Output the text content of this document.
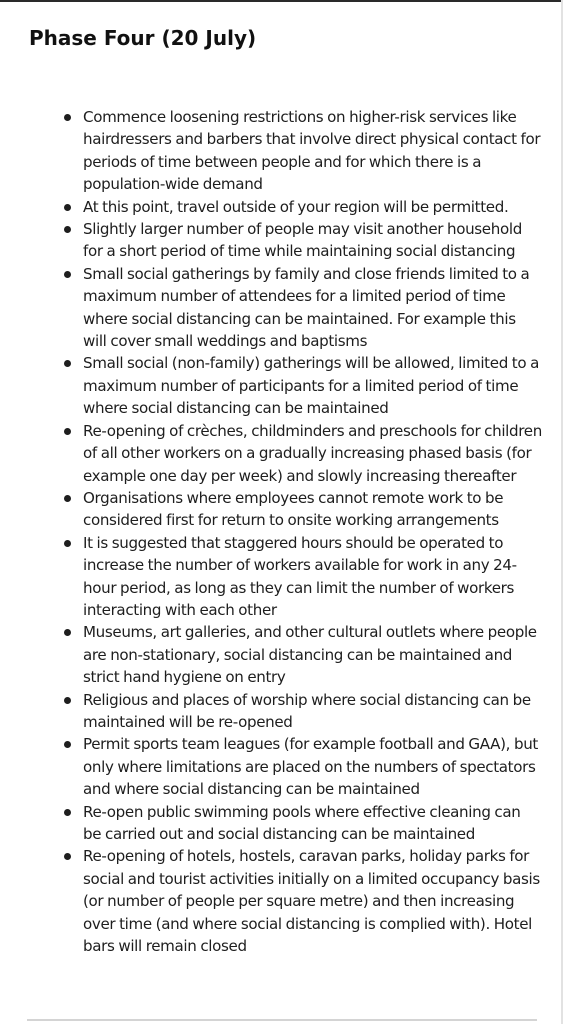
Phase Four (20 July)
Commence loosening restrictions on higher-risk services like hairdressers and barbers that involve direct physical contact for periods of time between people and for which there is a population-wide demand
At this point, travel outside of your region will be permitted.
Slightly larger number of people may visit another household for a short period of time while maintaining social distancing
Small social gatherings by family and close friends limited to a maximum number of attendees for a limited period of time where social distancing can be maintained. For example this will cover small weddings and baptisms
Small social (non-family) gatherings will be allowed, limited to a maximum number of participants for a limited period of time where social distancing can be maintained
Re-opening of crèches, childminders and preschools for children of all other workers on a gradually increasing phased basis (for example one day per week) and slowly increasing thereafter
Organisations where employees cannot remote work to be considered first for return to onsite working arrangements
It is suggested that staggered hours should be operated to increase the number of workers available for work in any 24-hour period, as long as they can limit the number of workers interacting with each other
Museums, art galleries, and other cultural outlets where people are non-stationary, social distancing can be maintained and strict hand hygiene on entry
Religious and places of worship where social distancing can be maintained will be re-opened
Permit sports team leagues (for example football and GAA), but only where limitations are placed on the numbers of spectators and where social distancing can be maintained
Re-open public swimming pools where effective cleaning can be carried out and social distancing can be maintained
Re-opening of hotels, hostels, caravan parks, holiday parks for social and tourist activities initially on a limited occupancy basis (or number of people per square metre) and then increasing over time (and where social distancing is complied with). Hotel bars will remain closed
